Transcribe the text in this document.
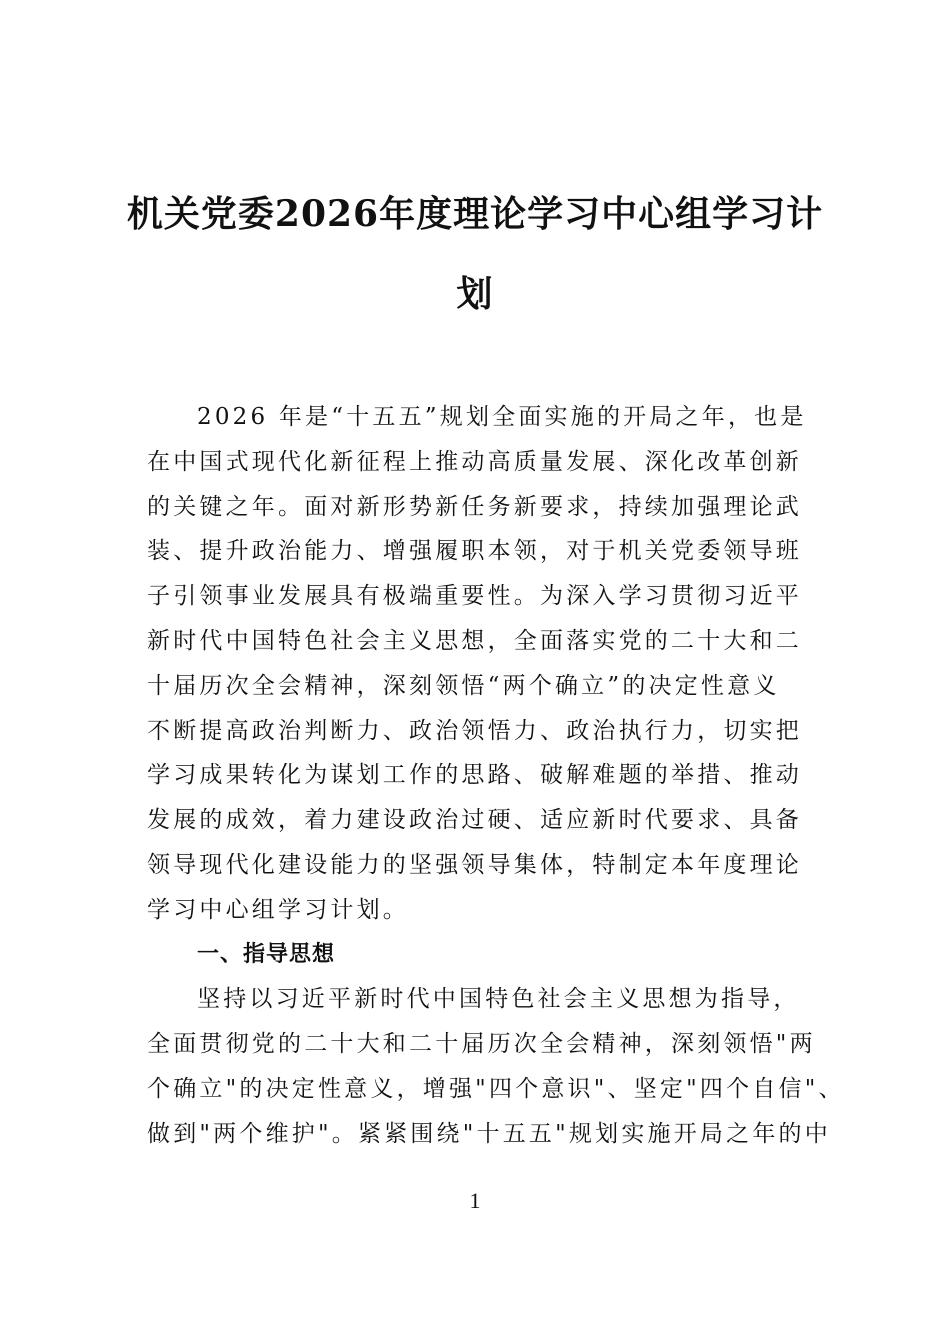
机关党委2026年度理论学习中心组学习计
划

2026 年是“十五五”规划全面实施的开局之年，也是
在中国式现代化新征程上推动高质量发展、深化改革创新
的关键之年。面对新形势新任务新要求，持续加强理论武
装、提升政治能力、增强履职本领，对于机关党委领导班
子引领事业发展具有极端重要性。为深入学习贯彻习近平
新时代中国特色社会主义思想，全面落实党的二十大和二
十届历次全会精神，深刻领悟“两个确立”的决定性意义
不断提高政治判断力、政治领悟力、政治执行力，切实把
学习成果转化为谋划工作的思路、破解难题的举措、推动
发展的成效，着力建设政治过硬、适应新时代要求、具备
领导现代化建设能力的坚强领导集体，特制定本年度理论
学习中心组学习计划。

一、指导思想

坚持以习近平新时代中国特色社会主义思想为指导，
全面贯彻党的二十大和二十届历次全会精神，深刻领悟"两
个确立"的决定性意义，增强"四个意识"、坚定"四个自信"、
做到"两个维护"。紧紧围绕"十五五"规划实施开局之年的中

1
